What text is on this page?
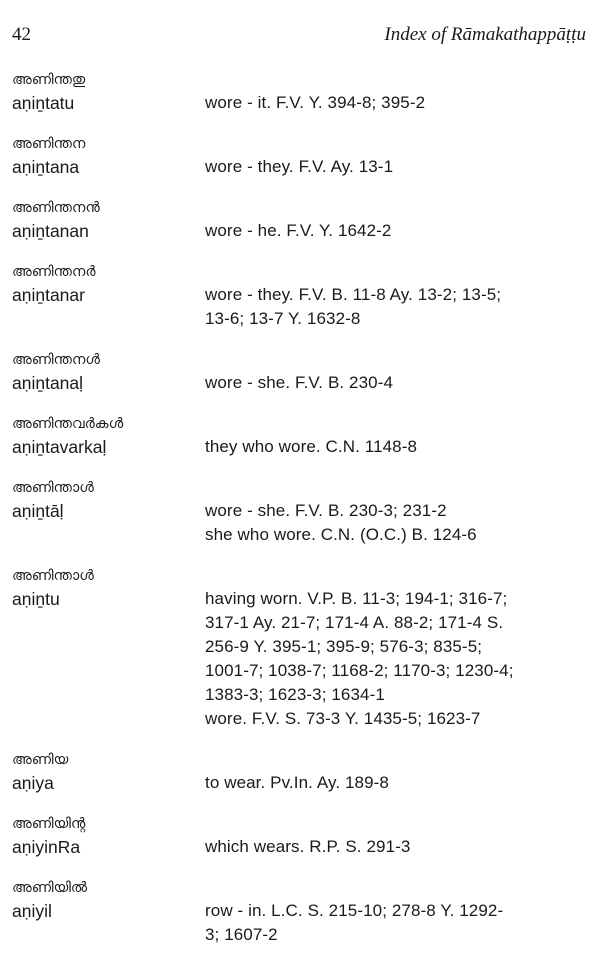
42	Index of Rāmakathappāṭṭu
അണിന്തതു
aṇiṉtatu	wore - it. F.V. Y. 394-8; 395-2
അണിന്തന
aṇiṉtana	wore - they. F.V. Ay. 13-1
അണിന്തനൻ
aṇiṉtanan	wore - he. F.V. Y. 1642-2
അണിന്തനർ
aṇiṉtanar	wore - they. F.V. B. 11-8 Ay. 13-2; 13-5;
13-6; 13-7 Y. 1632-8
അണിന്തനൾ
aṇiṉtanaḷ	wore - she. F.V. B. 230-4
അണിന്തവർകൾ
aṇiṉtavarkaḷ	they who wore. C.N. 1148-8
അണിന്താൾ
aṇiṉtāḷ	wore - she. F.V. B. 230-3; 231-2
she who wore. C.N. (O.C.) B. 124-6
അണിന്താൾ
aṇiṉtu	having worn. V.P. B. 11-3; 194-1; 316-7;
317-1 Ay. 21-7; 171-4 A. 88-2; 171-4 S.
256-9 Y. 395-1; 395-9; 576-3; 835-5;
1001-7; 1038-7; 1168-2; 1170-3; 1230-4;
1383-3; 1623-3; 1634-1
wore. F.V. S. 73-3 Y. 1435-5; 1623-7
അണിയ
aṇiya	to wear. Pv.In. Ay. 189-8
അണിയിന്റ
aṇiyinRa	which wears. R.P. S. 291-3
അണിയിൽ
aṇiyil	row - in. L.C. S. 215-10; 278-8 Y. 1292-
3; 1607-2
